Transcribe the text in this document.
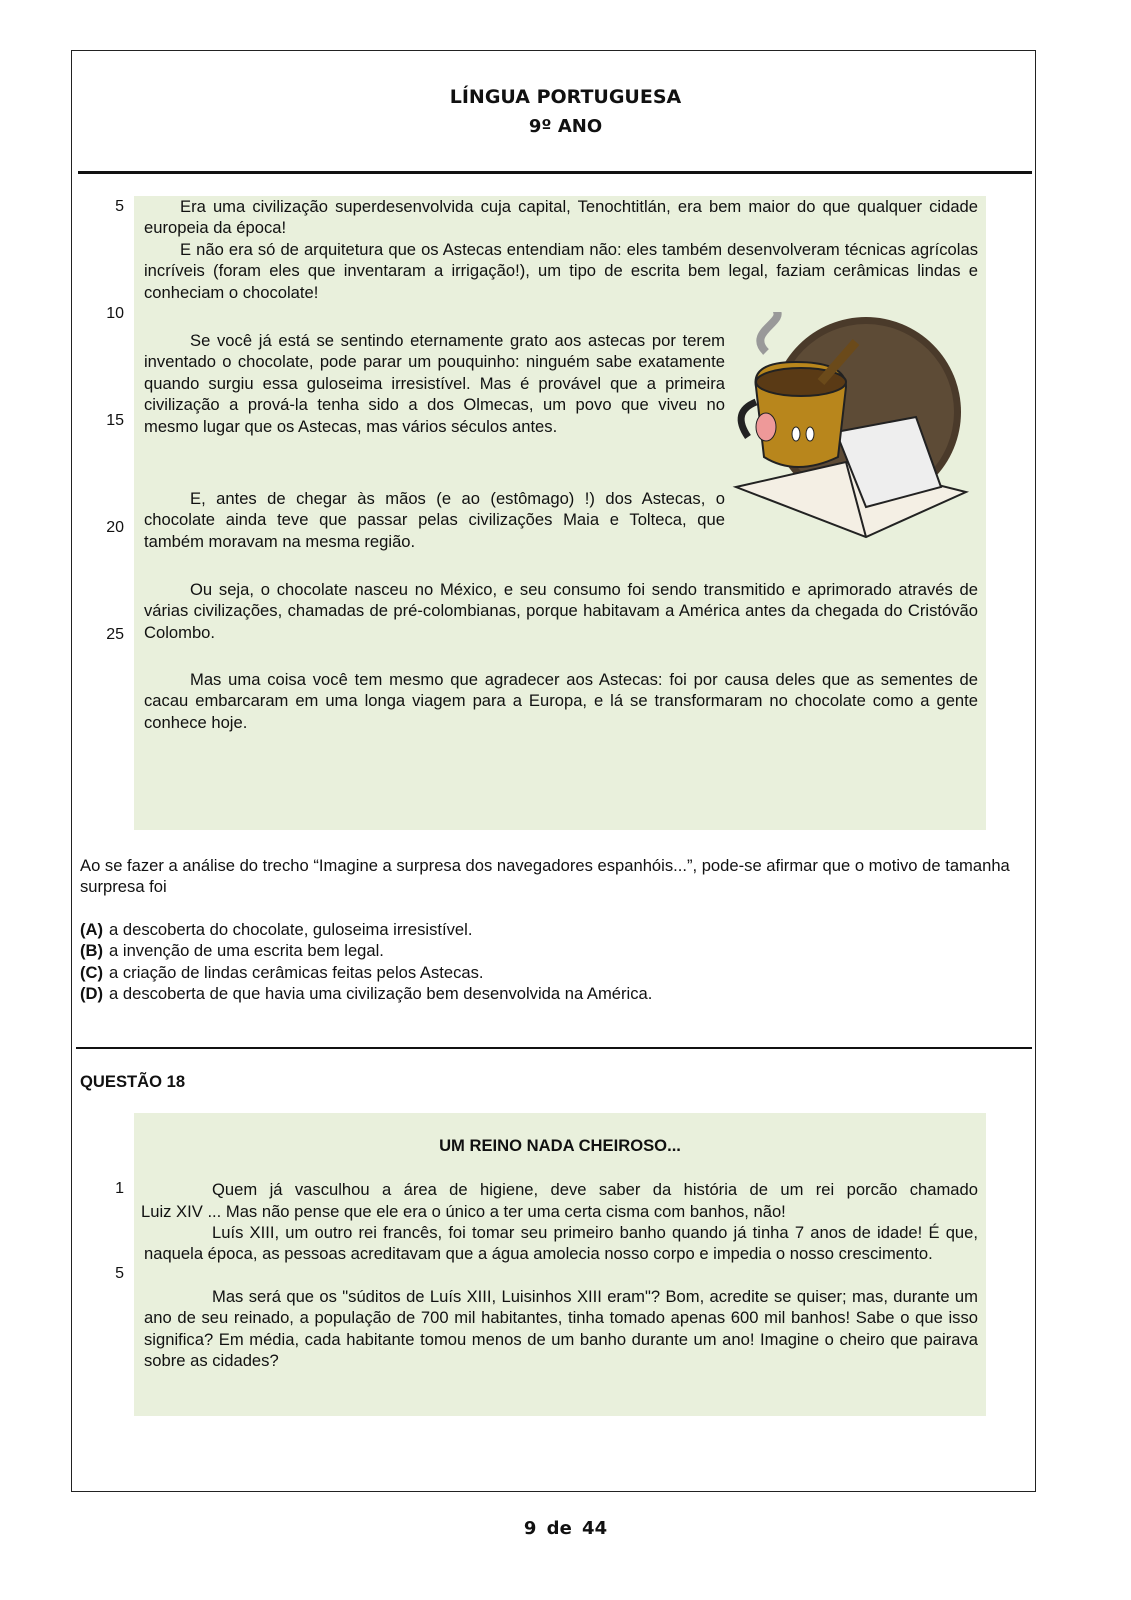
LÍNGUA PORTUGUESA
9º ANO
5
10
15
20
25
Era uma civilização superdesenvolvida cuja capital, Tenochtitlán, era bem maior do que qualquer cidade europeia da época!
E não era só de arquitetura que os Astecas entendiam não: eles também desenvolveram técnicas agrícolas incríveis (foram eles que inventaram a irrigação!), um tipo de escrita bem legal, faziam cerâmicas lindas e conheciam o chocolate!
Se você já está se sentindo eternamente grato aos astecas por terem inventado o chocolate, pode parar um pouquinho: ninguém sabe exatamente quando surgiu essa guloseima irresistível. Mas é provável que a primeira civilização a prová-la tenha sido a dos Olmecas, um povo que viveu no mesmo lugar que os Astecas, mas vários séculos antes.
E, antes de chegar às mãos (e ao (estômago) !) dos Astecas, o chocolate ainda teve que passar pelas civilizações Maia e Tolteca, que também moravam na mesma região.
Ou seja, o chocolate nasceu no México, e seu consumo foi sendo transmitido e aprimorado através de várias civilizações, chamadas de pré-colombianas, porque habitavam a América antes da chegada do Cristóvão Colombo.
Mas uma coisa você tem mesmo que agradecer aos Astecas: foi por causa deles que as sementes de cacau embarcaram em uma longa viagem para a Europa, e lá se transformaram no chocolate como a gente conhece hoje.
Ao se fazer a análise do trecho “Imagine a surpresa dos navegadores espanhóis...”, pode-se afirmar que o motivo de tamanha surpresa foi
(A) a descoberta do chocolate, guloseima irresistível.
(B) a invenção de uma escrita bem legal.
(C) a criação de lindas cerâmicas feitas pelos Astecas.
(D) a descoberta de que havia uma civilização bem desenvolvida na América.
QUESTÃO 18
UM REINO NADA CHEIROSO...
1
5
Quem já vasculhou a área de higiene, deve saber da história de um rei porcão chamado
Luiz XIV ... Mas não pense que ele era o único a ter uma certa cisma com banhos, não!
Luís XIII, um outro rei francês, foi tomar seu primeiro banho quando já tinha 7 anos de idade! É que, naquela época, as pessoas acreditavam que a água amolecia nosso corpo e impedia o nosso crescimento.
Mas será que os "súditos de Luís XIII, Luisinhos XIII eram"? Bom, acredite se quiser; mas, durante um ano de seu reinado, a população de 700 mil habitantes, tinha tomado apenas 600 mil banhos! Sabe o que isso significa? Em média, cada habitante tomou menos de um banho durante um ano! Imagine o cheiro que pairava sobre as cidades?
9 de 44
